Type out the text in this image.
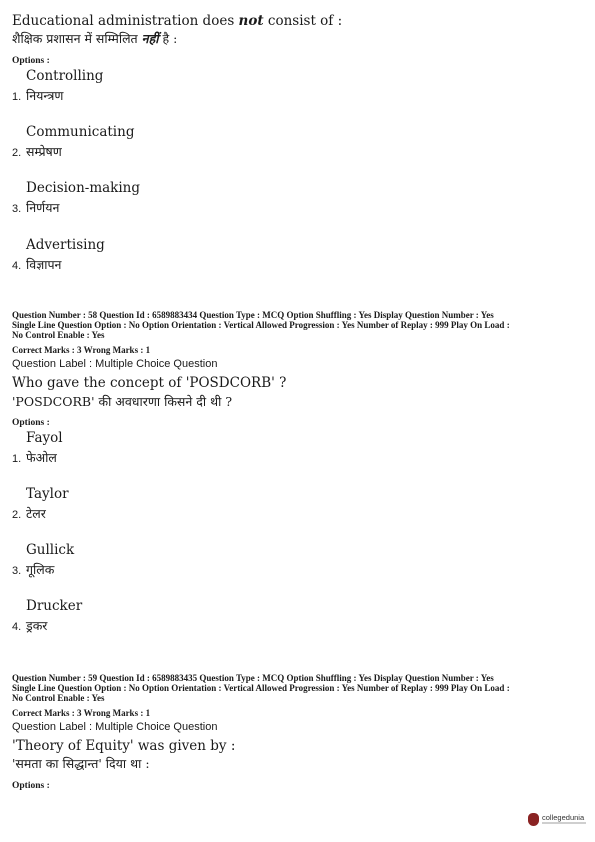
Educational administration does not consist of :
शैक्षिक प्रशासन में सम्मिलित नहीं है :
Options :
Controlling
1. नियन्त्रण
Communicating
2. सम्प्रेषण
Decision-making
3. निर्णयन
Advertising
4. विज्ञापन
Question Number : 58 Question Id : 6589883434 Question Type : MCQ Option Shuffling : Yes Display Question Number : Yes
Single Line Question Option : No Option Orientation : Vertical Allowed Progression : Yes Number of Replay : 999 Play On Load :
No Control Enable : Yes
Correct Marks : 3 Wrong Marks : 1
Question Label : Multiple Choice Question
Who gave the concept of 'POSDCORB' ?
'POSDCORB' की अवधारणा किसने दी थी ?
Options :
Fayol
1. फेओल
Taylor
2. टेलर
Gullick
3. गूलिक
Drucker
4. ड्रकर
Question Number : 59 Question Id : 6589883435 Question Type : MCQ Option Shuffling : Yes Display Question Number : Yes
Single Line Question Option : No Option Orientation : Vertical Allowed Progression : Yes Number of Replay : 999 Play On Load :
No Control Enable : Yes
Correct Marks : 3 Wrong Marks : 1
Question Label : Multiple Choice Question
'Theory of Equity' was given by :
'समता का सिद्धान्त' दिया था :
Options :
collegedunia
